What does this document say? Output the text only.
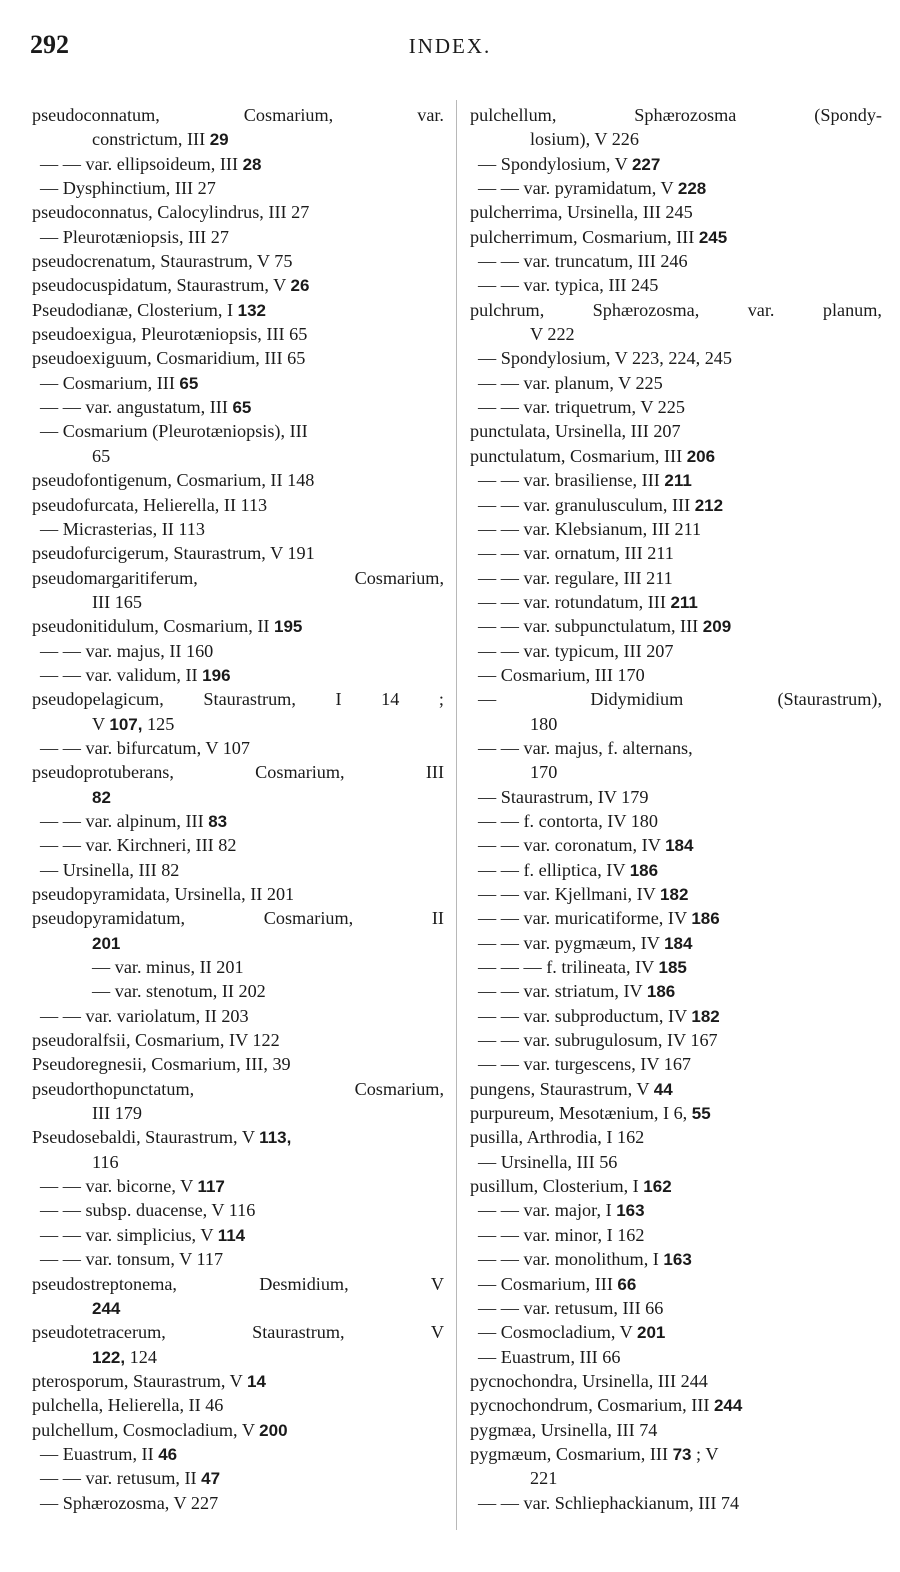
292	INDEX.
pseudoconnatum,	Cosmarium,	var.
constrictum, III 29
— — var. ellipsoideum, III 28
— Dysphinctium, III 27
pseudoconnatus, Calocylindrus, III 27
— Pleurotæniopsis, III 27
pseudocrenatum, Staurastrum, V 75
pseudocuspidatum, Staurastrum, V 26
Pseudodianæ, Closterium, I 132
pseudoexigua, Pleurotæniopsis, III 65
pseudoexiguum, Cosmaridium, III 65
— Cosmarium, III 65
— — var. angustatum, III 65
— Cosmarium (Pleurotæniopsis), III
65
pseudofontigenum, Cosmarium, II 148
pseudofurcata, Helierella, II 113
— Micrasterias, II 113
pseudofurcigerum, Staurastrum, V 191
pseudomargaritiferum,	Cosmarium,
III 165
pseudonitidulum, Cosmarium, II 195
— — var. majus, II 160
— — var. validum, II 196
pseudopelagicum, Staurastrum, I 14 ;
V 107, 125
— — var. bifurcatum, V 107
pseudoprotuberans,	Cosmarium,	III
82
— — var. alpinum, III 83
— — var. Kirchneri, III 82
— Ursinella, III 82
pseudopyramidata, Ursinella, II 201
pseudopyramidatum,	Cosmarium,	II
201
— var. minus, II 201
— var. stenotum, II 202
— — var. variolatum, II 203
pseudoralfsii, Cosmarium, IV 122
Pseudoregnesii, Cosmarium, III, 39
pseudorthopunctatum,	Cosmarium,
III 179
Pseudosebaldi, Staurastrum, V 113,
116
— — var. bicorne, V 117
— — subsp. duacense, V 116
— — var. simplicius, V 114
— — var. tonsum, V 117
pseudostreptonema,	Desmidium,	V
244
pseudotetracerum,	Staurastrum,	V
122, 124
pterosporum, Staurastrum, V 14
pulchella, Helierella, II 46
pulchellum, Cosmocladium, V 200
— Euastrum, II 46
— — var. retusum, II 47
— Sphærozosma, V 227
pulchellum,	Sphærozosma	(Spondy-
losium), V 226
— Spondylosium, V 227
— — var. pyramidatum, V 228
pulcherrima, Ursinella, III 245
pulcherrimum, Cosmarium, III 245
— — var. truncatum, III 246
— — var. typica, III 245
pulchrum,	Sphærozosma,	var.	planum,
V 222
— Spondylosium, V 223, 224, 245
— — var. planum, V 225
— — var. triquetrum, V 225
punctulata, Ursinella, III 207
punctulatum, Cosmarium, III 206
— — var. brasiliense, III 211
— — var. granulusculum, III 212
— — var. Klebsianum, III 211
— — var. ornatum, III 211
— — var. regulare, III 211
— — var. rotundatum, III 211
— — var. subpunctulatum, III 209
— — var. typicum, III 207
— Cosmarium, III 170
—	Didymidium	(Staurastrum),
180
— — var. majus, f. alternans,
170
— Staurastrum, IV 179
— — f. contorta, IV 180
— — var. coronatum, IV 184
— — f. elliptica, IV 186
— — var. Kjellmani, IV 182
— — var. muricatiforme, IV 186
— — var. pygmæum, IV 184
— — — f. trilineata, IV 185
— — var. striatum, IV 186
— — var. subproductum, IV 182
— — var. subrugulosum, IV 167
— — var. turgescens, IV 167
pungens, Staurastrum, V 44
purpureum, Mesotænium, I 6, 55
pusilla, Arthrodia, I 162
— Ursinella, III 56
pusillum, Closterium, I 162
— — var. major, I 163
— — var. minor, I 162
— — var. monolithum, I 163
— Cosmarium, III 66
— — var. retusum, III 66
— Cosmocladium, V 201
— Euastrum, III 66
pycnochondra, Ursinella, III 244
pycnochondrum, Cosmarium, III 244
pygmæa, Ursinella, III 74
pygmæum, Cosmarium, III 73 ; V
221
— — var. Schliephackianum, III 74
